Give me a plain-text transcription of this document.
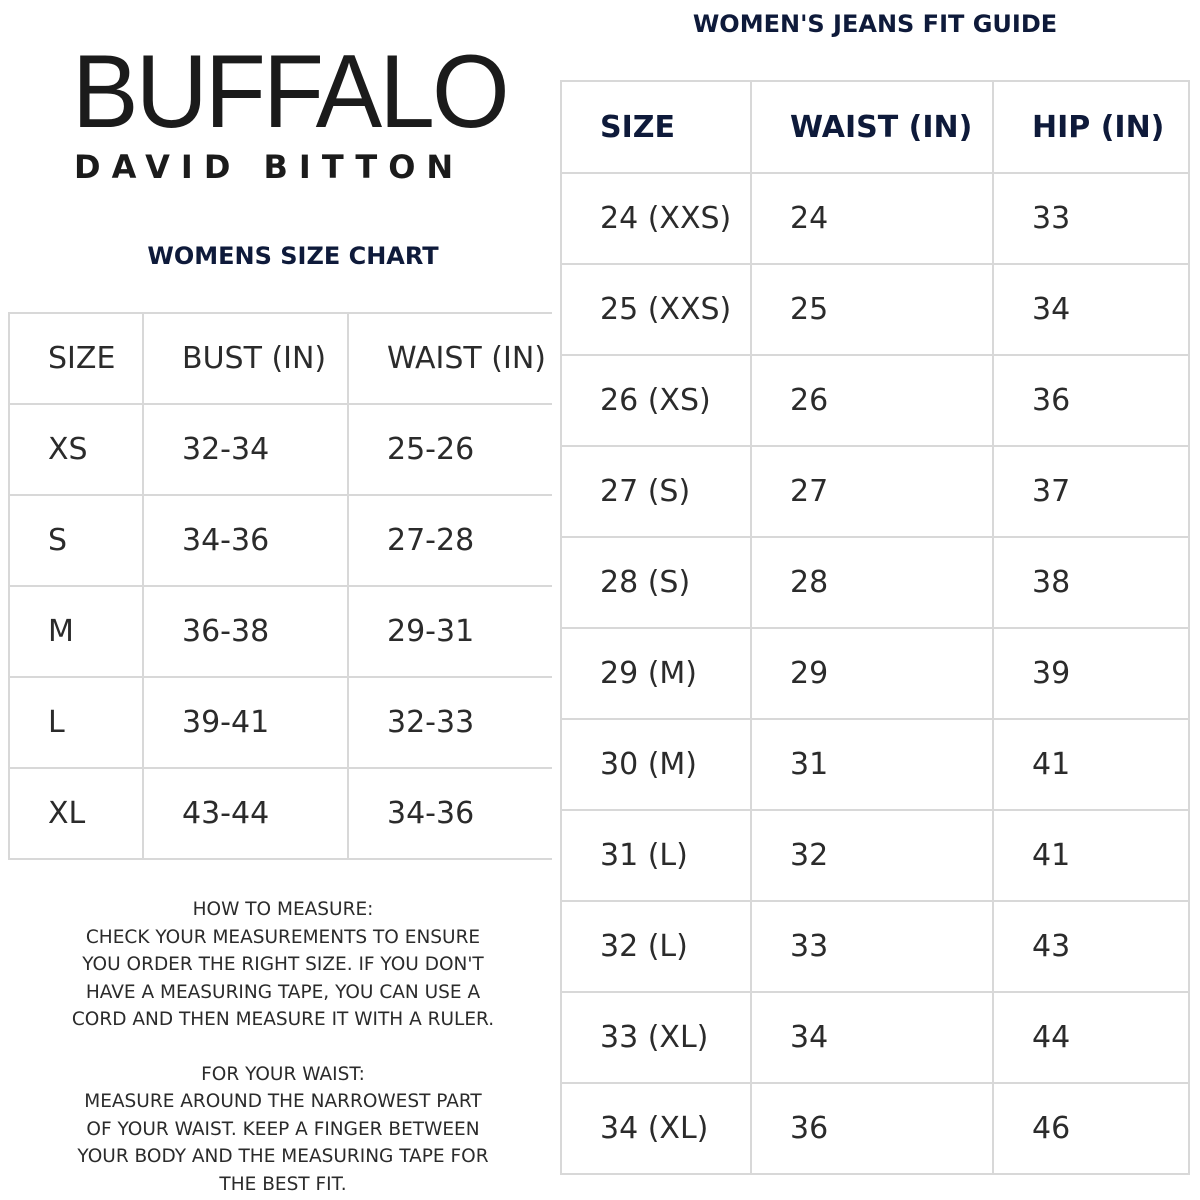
BUFFALO
DAVID BITTON
WOMENS SIZE CHART
SIZE	BUST (IN)	WAIST (IN)
XS	32-34	25-26
S	34-36	27-28
M	36-38	29-31
L	39-41	32-33
XL	43-44	34-36
WOMEN'S JEANS FIT GUIDE
SIZE	WAIST (IN)	HIP (IN)
24 (XXS)	24	33
25 (XXS)	25	34
26 (XS)	26	36
27 (S)	27	37
28 (S)	28	38
29 (M)	29	39
30 (M)	31	41
31 (L)	32	41
32 (L)	33	43
33 (XL)	34	44
34 (XL)	36	46

HOW TO MEASURE:

CHECK YOUR MEASUREMENTS TO ENSURE

YOU ORDER THE RIGHT SIZE. IF YOU DON'T

HAVE A MEASURING TAPE, YOU CAN USE A

CORD AND THEN MEASURE IT WITH A RULER.

FOR YOUR WAIST:

MEASURE AROUND THE NARROWEST PART

OF YOUR WAIST. KEEP A FINGER BETWEEN

YOUR BODY AND THE MEASURING TAPE FOR

THE BEST FIT.
